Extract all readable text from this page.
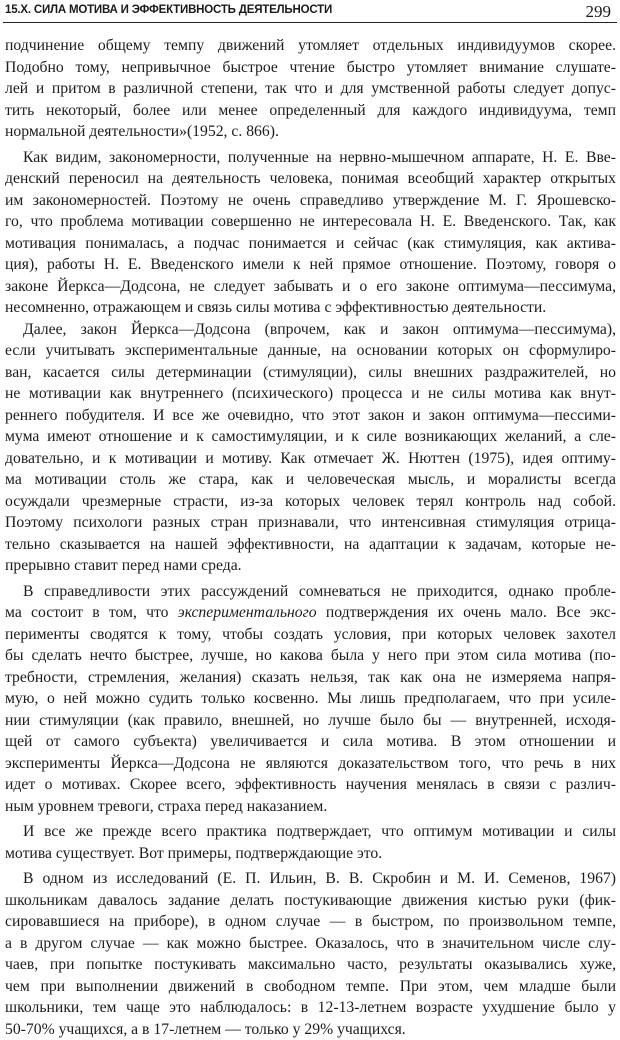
15.X. СИЛА МОТИВА И ЭФФЕКТИВНОСТЬ ДЕЯТЕЛЬНОСТИ	299
подчинение общему темпу движений утомляет отдельных индивидуумов скорее.
Подобно тому, непривычное быстрое чтение быстро утомляет внимание слушате-
лей и притом в различной степени, так что и для умственной работы следует допус-
тить некоторый, более или менее определенный для каждого индивидуума, темп
нормальной деятельности»(1952, с. 866).
Как видим, закономерности, полученные на нервно-мышечном аппарате, Н. Е. Вве-
денский переносил на деятельность человека, понимая всеобщий характер открытых
им закономерностей. Поэтому не очень справедливо утверждение М. Г. Ярошевско-
го, что проблема мотивации совершенно не интересовала Н. Е. Введенского. Так, как
мотивация понималась, а подчас понимается и сейчас (как стимуляция, как активa-
ция), работы Н. Е. Введенского имели к ней прямое отношение. Поэтому, говоря о
законе Йеркса—Додсона, не следует забывать и о его законе оптимума—пессимума,
несомненно, отражающем и связь силы мотива с эффективностью деятельности.
Далее, закон Йеркса—Додсона (впрочем, как и закон оптимума—пессимума),
если учитывать экспериментальные данные, на основании которых он сформулиро-
ван, касается силы детерминации (стимуляции), силы внешних раздражителей, но
не мотивации как внутреннего (психического) процесса и не силы мотива как внут-
реннего побудителя. И все же очевидно, что этот закон и закон оптимума—пессими-
мума имеют отношение и к самостимуляции, и к силе возникающих желаний, а сле-
довательно, и к мотивации и мотиву. Как отмечает Ж. Нюттен (1975), идея оптиму-
ма мотивации столь же стара, как и человеческая мысль, и моралисты всегда
осуждали чрезмерные страсти, из-за которых человек терял контроль над собой.
Поэтому психологи разных стран признавали, что интенсивная стимуляция отрица-
тельно сказывается на нашей эффективности, на адаптации к задачам, которые не-
прерывно ставит перед нами среда.
В справедливости этих рассуждений сомневаться не приходится, однако пробле-
ма состоит в том, что экспериментального подтверждения их очень мало. Все экс-
перименты сводятся к тому, чтобы создать условия, при которых человек захотел
бы сделать нечто быстрее, лучше, но какова была у него при этом сила мотива (по-
требности, стремления, желания) сказать нельзя, так как она не измеряема напря-
мую, о ней можно судить только косвенно. Мы лишь предполагаем, что при усиле-
нии стимуляции (как правило, внешней, но лучше было бы — внутренней, исходя-
щей от самого субъекта) увеличивается и сила мотива. В этом отношении и
эксперименты Йеркса—Додсона не являются доказательством того, что речь в них
идет о мотивах. Скорее всего, эффективность научения менялась в связи с различ-
ным уровнем тревоги, страха перед наказанием.
И все же прежде всего практика подтверждает, что оптимум мотивации и силы
мотива существует. Вот примеры, подтверждающие это.
В одном из исследований (Е. П. Ильин, В. В. Скробин и М. И. Семенов, 1967)
школьникам давалось задание делать постукивающие движения кистью руки (фик-
сировавшиеся на приборе), в одном случае — в быстром, по произвольном темпе,
а в другом случае — как можно быстрее. Оказалось, что в значительном числе слу-
чаев, при попытке постукивать максимально часто, результаты оказывались хуже,
чем при выполнении движений в свободном темпе. При этом, чем младше были
школьники, тем чаще это наблюдалось: в 12-13-летнем возрасте ухудшение было у
50-70% учащихся, а в 17-летнем — только у 29% учащихся.
